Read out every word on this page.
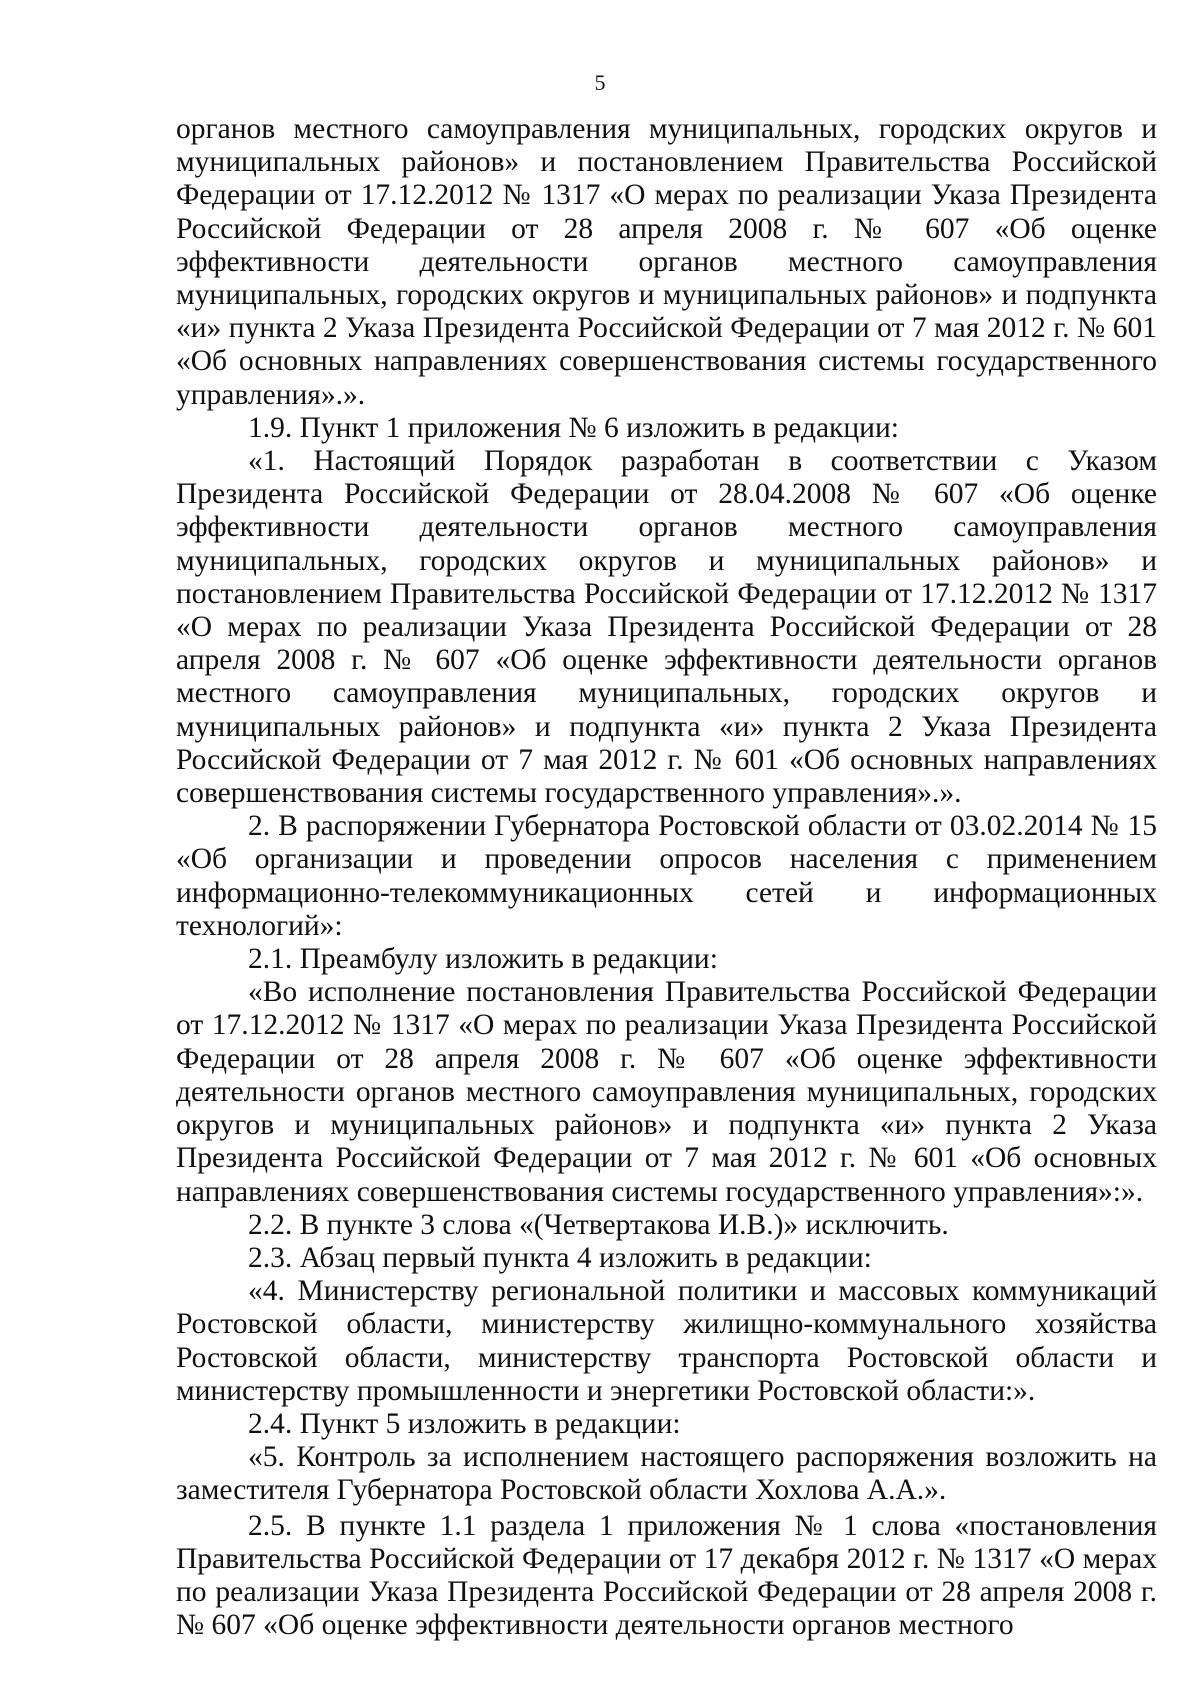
5

органов местного самоуправления муниципальных, городских округов и муниципальных районов» и постановлением Правительства Российской Федерации от 17.12.2012 № 1317 «О мерах по реализации Указа Президента Российской Федерации от 28 апреля 2008 г. № 607 «Об оценке эффективности деятельности органов местного самоуправления муниципальных, городских округов и муниципальных районов» и подпункта «и» пункта 2 Указа Президента Российской Федерации от 7 мая 2012 г. № 601 «Об основных направлениях совершенствования системы государственного управления».».

1.9. Пункт 1 приложения № 6 изложить в редакции:

«1. Настоящий Порядок разработан в соответствии с Указом Президента Российской Федерации от 28.04.2008 № 607 «Об оценке эффективности деятельности органов местного самоуправления муниципальных, городских округов и муниципальных районов» и постановлением Правительства Российской Федерации от 17.12.2012 № 1317 «О мерах по реализации Указа Президента Российской Федерации от 28 апреля 2008 г. № 607 «Об оценке эффективности деятельности органов местного самоуправления муниципальных, городских округов и муниципальных районов» и подпункта «и» пункта 2 Указа Президента Российской Федерации от 7 мая 2012 г. № 601 «Об основных направлениях совершенствования системы государственного управления».».

2. В распоряжении Губернатора Ростовской области от 03.02.2014 № 15 «Об организации и проведении опросов населения с применением информационно-телекоммуникационных сетей и информационных технологий»:

2.1. Преамбулу изложить в редакции:

«Во исполнение постановления Правительства Российской Федерации от 17.12.2012 № 1317 «О мерах по реализации Указа Президента Российской Федерации от 28 апреля 2008 г. № 607 «Об оценке эффективности деятельности органов местного самоуправления муниципальных, городских округов и муниципальных районов» и подпункта «и» пункта 2 Указа Президента Российской Федерации от 7 мая 2012 г. № 601 «Об основных направлениях совершенствования системы государственного управления»:».

2.2. В пункте 3 слова «(Четвертакова И.В.)» исключить.

2.3. Абзац первый пункта 4 изложить в редакции:

«4. Министерству региональной политики и массовых коммуникаций Ростовской области, министерству жилищно-коммунального хозяйства Ростовской области, министерству транспорта Ростовской области и министерству промышленности и энергетики Ростовской области:».

2.4. Пункт 5 изложить в редакции:

«5. Контроль за исполнением настоящего распоряжения возложить на заместителя Губернатора Ростовской области Хохлова А.А.».

2.5. В пункте 1.1 раздела 1 приложения № 1 слова «постановления Правительства Российской Федерации от 17 декабря 2012 г. № 1317 «О мерах по реализации Указа Президента Российской Федерации от 28 апреля 2008 г. № 607 «Об оценке эффективности деятельности органов местного
